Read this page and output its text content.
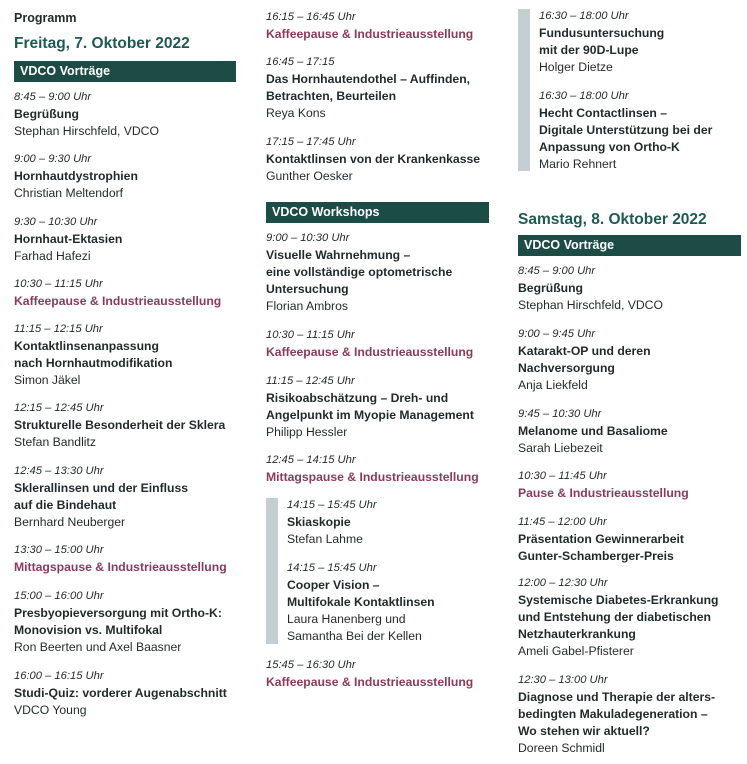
Programm
Freitag, 7. Oktober 2022
VDCO Vorträge
8:45 – 9:00 Uhr
Begrüßung
Stephan Hirschfeld, VDCO
9:00 – 9:30 Uhr
Hornhautdystrophien
Christian Meltendorf
9:30 – 10:30 Uhr
Hornhaut-Ektasien
Farhad Hafezi
10:30 – 11:15 Uhr
Kaffeepause & Industrieausstellung
11:15 – 12:15 Uhr
Kontaktlinsenanpassung
nach Hornhautmodifikation
Simon Jäkel
12:15 – 12:45 Uhr
Strukturelle Besonderheit der Sklera
Stefan Bandlitz
12:45 – 13:30 Uhr
Sklerallinsen und der Einfluss
auf die Bindehaut
Bernhard Neuberger
13:30 – 15:00 Uhr
Mittagspause & Industrieausstellung
15:00 – 16:00 Uhr
Presbyopieversorgung mit Ortho-K:
Monovision vs. Multifokal
Ron Beerten und Axel Baasner
16:00 – 16:15 Uhr
Studi-Quiz: vorderer Augenabschnitt
VDCO Young
16:15 – 16:45 Uhr
Kaffeepause & Industrieausstellung
16:45 – 17:15
Das Hornhautendothel – Auffinden,
Betrachten, Beurteilen
Reya Kons
17:15 – 17:45 Uhr
Kontaktlinsen von der Krankenkasse
Gunther Oesker
VDCO Workshops
9:00 – 10:30 Uhr
Visuelle Wahrnehmung –
eine vollständige optometrische
Untersuchung
Florian Ambros
10:30 – 11:15 Uhr
Kaffeepause & Industrieausstellung
11:15 – 12:45 Uhr
Risikoabschätzung – Dreh- und
Angelpunkt im Myopie Management
Philipp Hessler
12:45 – 14:15 Uhr
Mittagspause & Industrieausstellung
14:15 – 15:45 Uhr
Skiaskopie
Stefan Lahme
14:15 – 15:45 Uhr
Cooper Vision –
Multifokale Kontaktlinsen
Laura Hanenberg und
Samantha Bei der Kellen
15:45 – 16:30 Uhr
Kaffeepause & Industrieausstellung
16:30 – 18:00 Uhr
Fundusuntersuchung
mit der 90D-Lupe
Holger Dietze
16:30 – 18:00 Uhr
Hecht Contactlinsen –
Digitale Unterstützung bei der
Anpassung von Ortho-K
Mario Rehnert
Samstag, 8. Oktober 2022
VDCO Vorträge
8:45 – 9:00 Uhr
Begrüßung
Stephan Hirschfeld, VDCO
9:00 – 9:45 Uhr
Katarakt-OP und deren
Nachversorgung
Anja Liekfeld
9:45 – 10:30 Uhr
Melanome und Basaliome
Sarah Liebezeit
10:30 – 11:45 Uhr
Pause & Industrieausstellung
11:45 – 12:00 Uhr
Präsentation Gewinnerarbeit
Gunter-Schamberger-Preis
12:00 – 12:30 Uhr
Systemische Diabetes-Erkrankung
und Entstehung der diabetischen
Netzhauterkrankung
Ameli Gabel-Pfisterer
12:30 – 13:00 Uhr
Diagnose und Therapie der alters-
bedingten Makuladegeneration –
Wo stehen wir aktuell?
Doreen Schmidl
